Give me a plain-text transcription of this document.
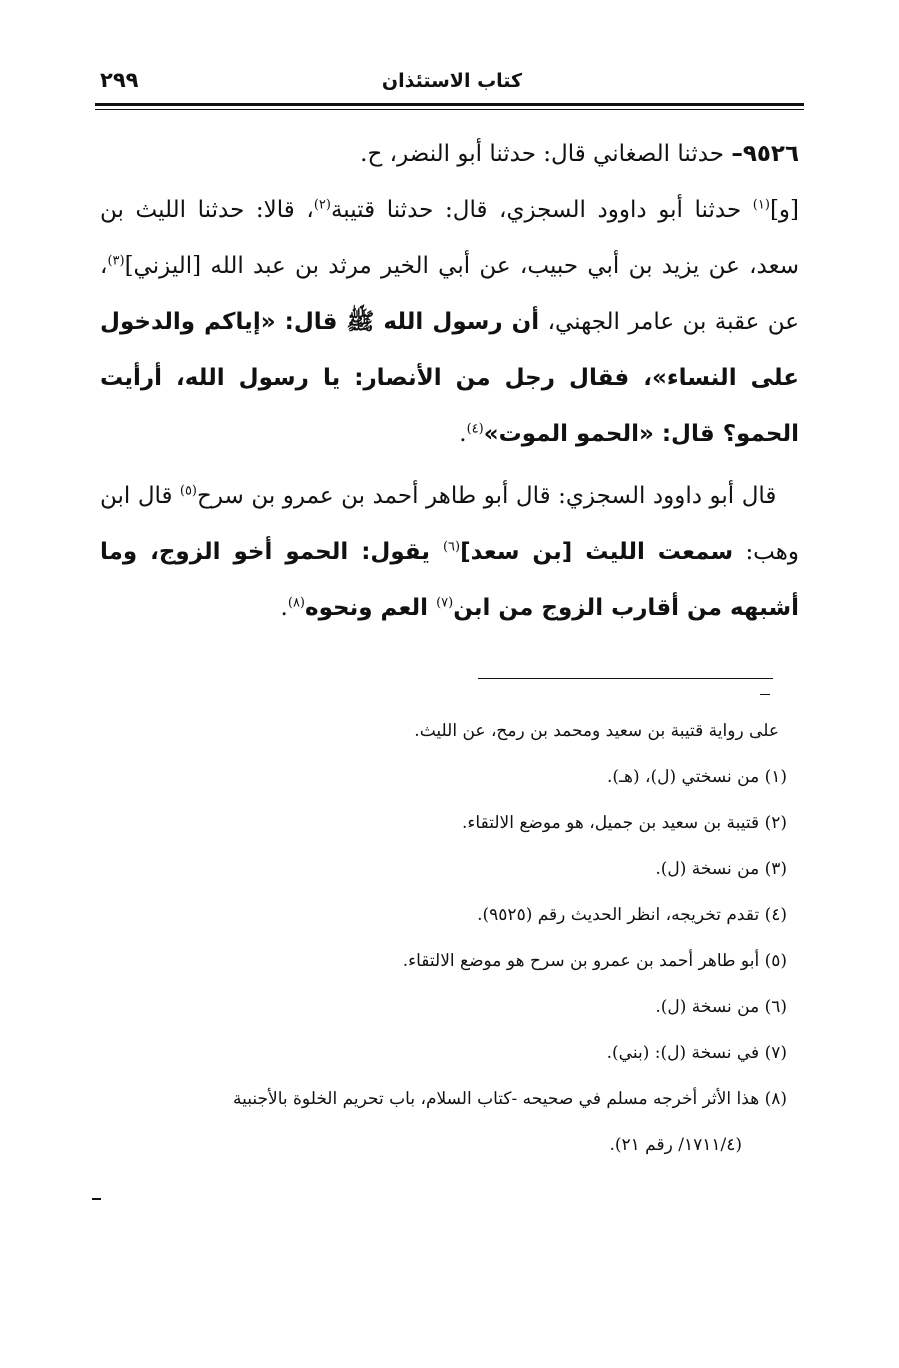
كتاب الاستئذان
٢٩٩

٩٥٢٦– حدثنا الصغاني قال: حدثنا أبو النضر، ح.

[و]$^{(١)}$ حدثنا أبو داوود السجزي، قال: حدثنا قتيبة$^{(٢)}$، قالا: حدثنا الليث بن سعد، عن يزيد بن أبي حبيب، عن أبي الخير مرثد بن عبد الله [اليزني]$^{(٣)}$، عن عقبة بن عامر الجهني، أن رسول الله ﷺ قال: «إياكم والدخول على النساء»، فقال رجل من الأنصار: يا رسول الله، أرأيت الحمو؟ قال: «الحمو الموت»$^{(٤)}$.

قال أبو داوود السجزي: قال أبو طاهر أحمد بن عمرو بن سرح$^{(٥)}$ قال ابن وهب: سمعت الليث [بن سعد]$^{(٦)}$ يقول: الحمو أخو الزوج، وما أشبهه من أقارب الزوج من ابن$^{(٧)}$ العم ونحوه$^{(٨)}$.

على رواية قتيبة بن سعيد ومحمد بن رمح، عن الليث.
(١) من نسختي (ل)، (هـ).
(٢) قتيبة بن سعيد بن جميل، هو موضع الالتقاء.
(٣) من نسخة (ل).
(٤) تقدم تخريجه، انظر الحديث رقم (٩٥٢٥).
(٥) أبو طاهر أحمد بن عمرو بن سرح هو موضع الالتقاء.
(٦) من نسخة (ل).
(٧) في نسخة (ل): (بني).
(٨) هذا الأثر أخرجه مسلم في صحيحه -كتاب السلام، باب تحريم الخلوة بالأجنبية
(١٧١١/٤/ رقم ٢١).
